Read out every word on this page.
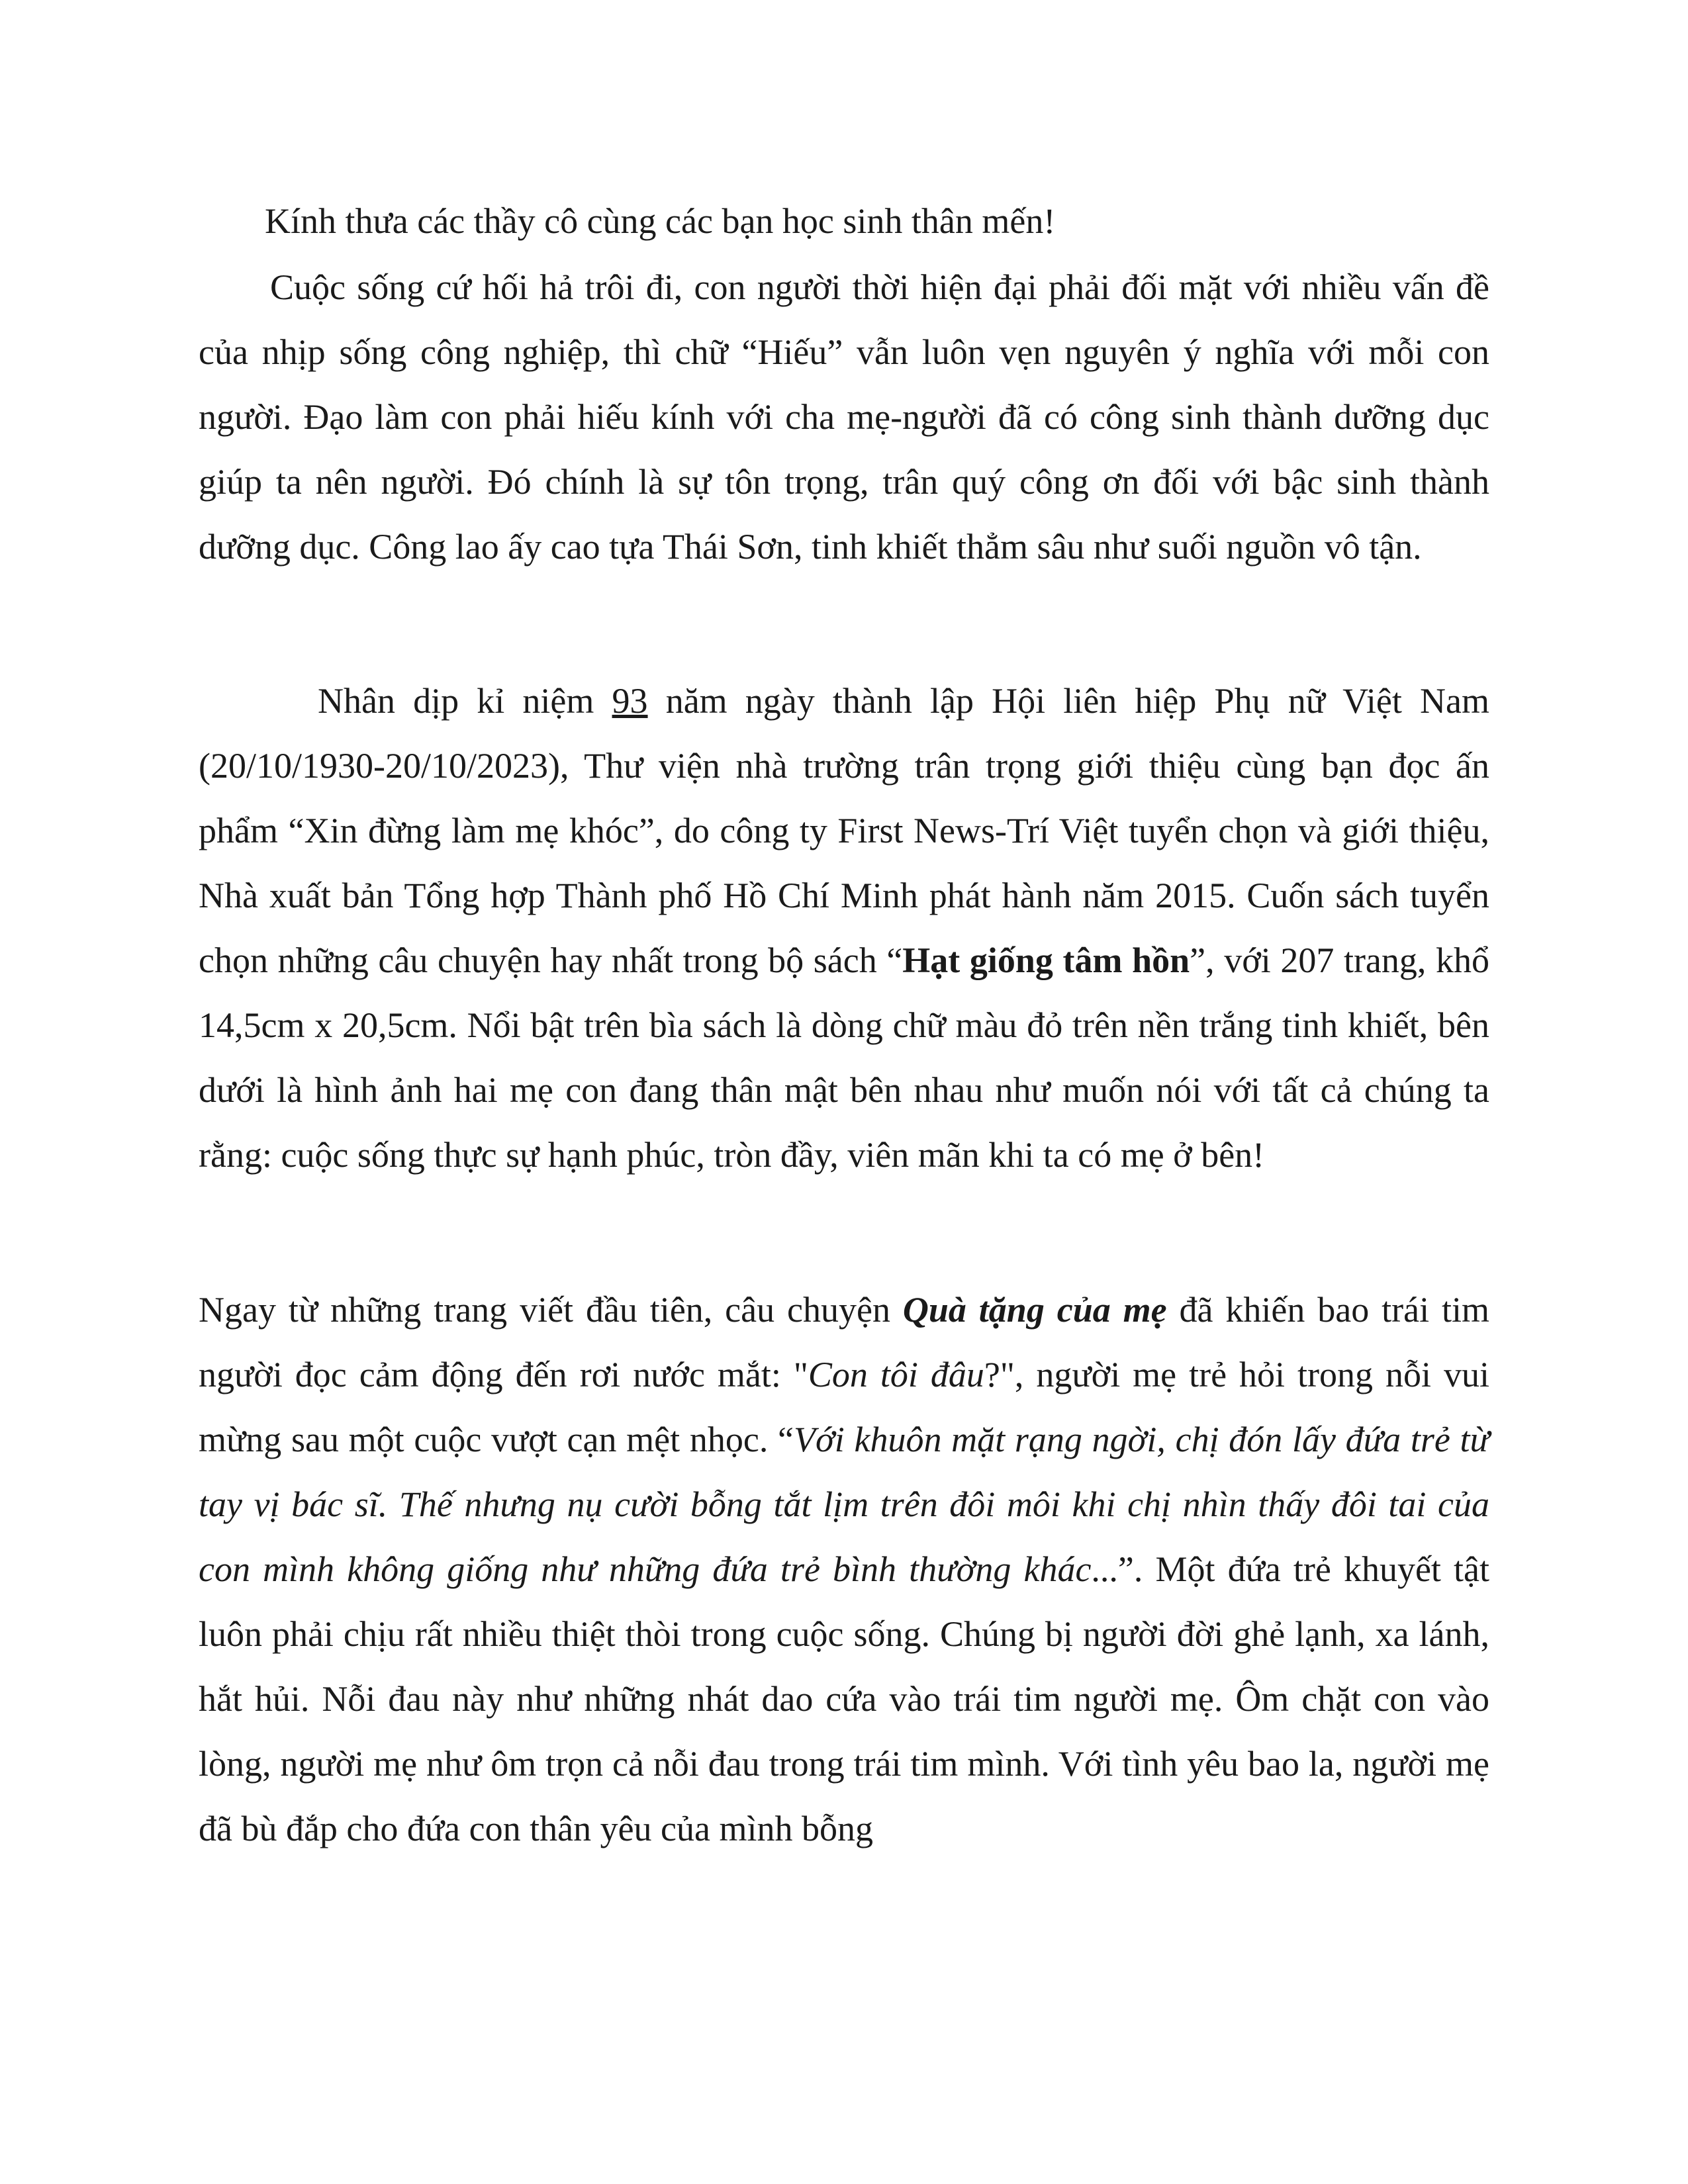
Kính thưa các thầy cô cùng các bạn học sinh thân mến!

Cuộc sống cứ hối hả trôi đi, con người thời hiện đại phải đối mặt với nhiều vấn đề của nhịp sống công nghiệp, thì chữ “Hiếu” vẫn luôn vẹn nguyên ý nghĩa với mỗi con người. Đạo làm con phải hiếu kính với cha mẹ-người đã có công sinh thành dưỡng dục giúp ta nên người. Đó chính là sự tôn trọng, trân quý công ơn đối với bậc sinh thành dưỡng dục. Công lao ấy cao tựa Thái Sơn, tinh khiết thẳm sâu như suối nguồn vô tận.

Nhân dịp kỉ niệm 93 năm ngày thành lập Hội liên hiệp Phụ nữ Việt Nam (20/10/1930-20/10/2023), Thư viện nhà trường trân trọng giới thiệu cùng bạn đọc ấn phẩm “Xin đừng làm mẹ khóc”, do công ty First News-Trí Việt tuyển chọn và giới thiệu, Nhà xuất bản Tổng hợp Thành phố Hồ Chí Minh phát hành năm 2015. Cuốn sách tuyển chọn những câu chuyện hay nhất trong bộ sách “Hạt giống tâm hồn”, với 207 trang, khổ 14,5cm x 20,5cm. Nổi bật trên bìa sách là dòng chữ màu đỏ trên nền trắng tinh khiết, bên dưới là hình ảnh hai mẹ con đang thân mật bên nhau như muốn nói với tất cả chúng ta rằng: cuộc sống thực sự hạnh phúc, tròn đầy, viên mãn khi ta có mẹ ở bên!

Ngay từ những trang viết đầu tiên, câu chuyện Quà tặng của mẹ đã khiến bao trái tim người đọc cảm động đến rơi nước mắt: "Con tôi đâu?", người mẹ trẻ hỏi trong nỗi vui mừng sau một cuộc vượt cạn mệt nhọc. “Với khuôn mặt rạng ngời, chị đón lấy đứa trẻ từ tay vị bác sĩ. Thế nhưng nụ cười bỗng tắt lịm trên đôi môi khi chị nhìn thấy đôi tai của con mình không giống như những đứa trẻ bình thường khác...”. Một đứa trẻ khuyết tật luôn phải chịu rất nhiều thiệt thòi trong cuộc sống. Chúng bị người đời ghẻ lạnh, xa lánh, hắt hủi. Nỗi đau này như những nhát dao cứa vào trái tim người mẹ. Ôm chặt con vào lòng, người mẹ như ôm trọn cả nỗi đau trong trái tim mình. Với tình yêu bao la, người mẹ đã bù đắp cho đứa con thân yêu của mình bỗng
